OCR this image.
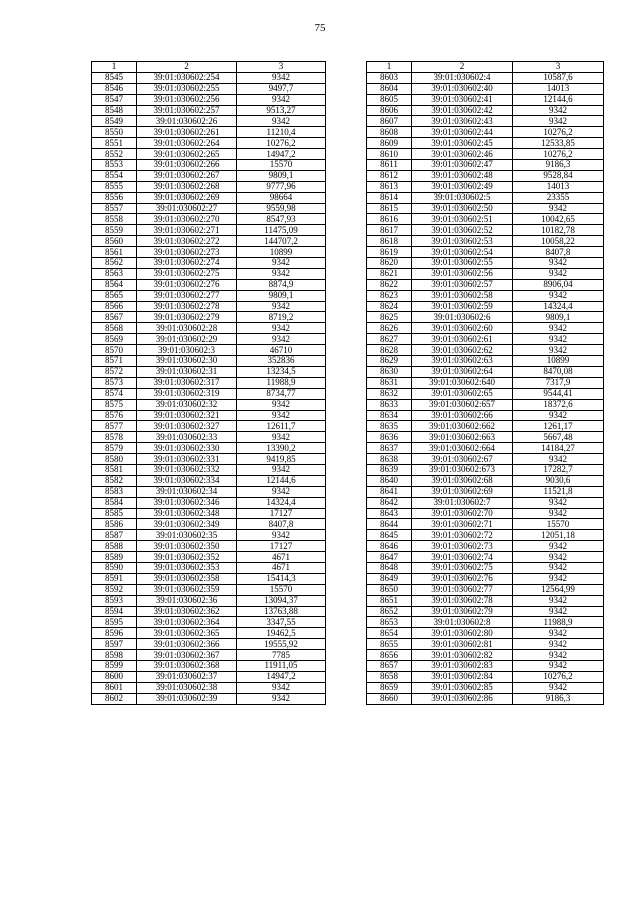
75
1	2	3
8545	39:01:030602:254	9342
8546	39:01:030602:255	9497,7
8547	39:01:030602:256	9342
8548	39:01:030602:257	9513,27
8549	39:01:030602:26	9342
8550	39:01:030602:261	11210,4
8551	39:01:030602:264	10276,2
8552	39:01:030602:265	14947,2
8553	39:01:030602:266	15570
8554	39:01:030602:267	9809,1
8555	39:01:030602:268	9777,96
8556	39:01:030602:269	98664
8557	39:01:030602:27	9559,98
8558	39:01:030602:270	8547,93
8559	39:01:030602:271	11475,09
8560	39:01:030602:272	144707,2
8561	39:01:030602:273	10899
8562	39:01:030602:274	9342
8563	39:01:030602:275	9342
8564	39:01:030602:276	8874,9
8565	39:01:030602:277	9809,1
8566	39:01:030602:278	9342
8567	39:01:030602:279	8719,2
8568	39:01:030602:28	9342
8569	39:01:030602:29	9342
8570	39:01:030602:3	46710
8571	39:01:030602:30	352836
8572	39:01:030602:31	13234,5
8573	39:01:030602:317	11988,9
8574	39:01:030602:319	8734,77
8575	39:01:030602:32	9342
8576	39:01:030602:321	9342
8577	39:01:030602:327	12611,7
8578	39:01:030602:33	9342
8579	39:01:030602:330	13390,2
8580	39:01:030602:331	9419,85
8581	39:01:030602:332	9342
8582	39:01:030602:334	12144,6
8583	39:01:030602:34	9342
8584	39:01:030602:346	14324,4
8585	39:01:030602:348	17127
8586	39:01:030602:349	8407,8
8587	39:01:030602:35	9342
8588	39:01:030602:350	17127
8589	39:01:030602:352	4671
8590	39:01:030602:353	4671
8591	39:01:030602:358	15414,3
8592	39:01:030602:359	15570
8593	39:01:030602:36	13094,37
8594	39:01:030602:362	13763,88
8595	39:01:030602:364	3347,55
8596	39:01:030602:365	19462,5
8597	39:01:030602:366	19555,92
8598	39:01:030602:367	7785
8599	39:01:030602:368	11911,05
8600	39:01:030602:37	14947,2
8601	39:01:030602:38	9342
8602	39:01:030602:39	9342
1	2	3
8603	39:01:030602:4	10587,6
8604	39:01:030602:40	14013
8605	39:01:030602:41	12144,6
8606	39:01:030602:42	9342
8607	39:01:030602:43	9342
8608	39:01:030602:44	10276,2
8609	39:01:030602:45	12533,85
8610	39:01:030602:46	10276,2
8611	39:01:030602:47	9186,3
8612	39:01:030602:48	9528,84
8613	39:01:030602:49	14013
8614	39:01:030602:5	23355
8615	39:01:030602:50	9342
8616	39:01:030602:51	10042,65
8617	39:01:030602:52	10182,78
8618	39:01:030602:53	10058,22
8619	39:01:030602:54	8407,8
8620	39:01:030602:55	9342
8621	39:01:030602:56	9342
8622	39:01:030602:57	8906,04
8623	39:01:030602:58	9342
8624	39:01:030602:59	14324,4
8625	39:01:030602:6	9809,1
8626	39:01:030602:60	9342
8627	39:01:030602:61	9342
8628	39:01:030602:62	9342
8629	39:01:030602:63	10899
8630	39:01:030602:64	8470,08
8631	39:01:030602:640	7317,9
8632	39:01:030602:65	9544,41
8633	39:01:030602:657	18372,6
8634	39:01:030602:66	9342
8635	39:01:030602:662	1261,17
8636	39:01:030602:663	5667,48
8637	39:01:030602:664	14184,27
8638	39:01:030602:67	9342
8639	39:01:030602:673	17282,7
8640	39:01:030602:68	9030,6
8641	39:01:030602:69	11521,8
8642	39:01:030602:7	9342
8643	39:01:030602:70	9342
8644	39:01:030602:71	15570
8645	39:01:030602:72	12051,18
8646	39:01:030602:73	9342
8647	39:01:030602:74	9342
8648	39:01:030602:75	9342
8649	39:01:030602:76	9342
8650	39:01:030602:77	12564,99
8651	39:01:030602:78	9342
8652	39:01:030602:79	9342
8653	39:01:030602:8	11988,9
8654	39:01:030602:80	9342
8655	39:01:030602:81	9342
8656	39:01:030602:82	9342
8657	39:01:030602:83	9342
8658	39:01:030602:84	10276,2
8659	39:01:030602:85	9342
8660	39:01:030602:86	9186,3
